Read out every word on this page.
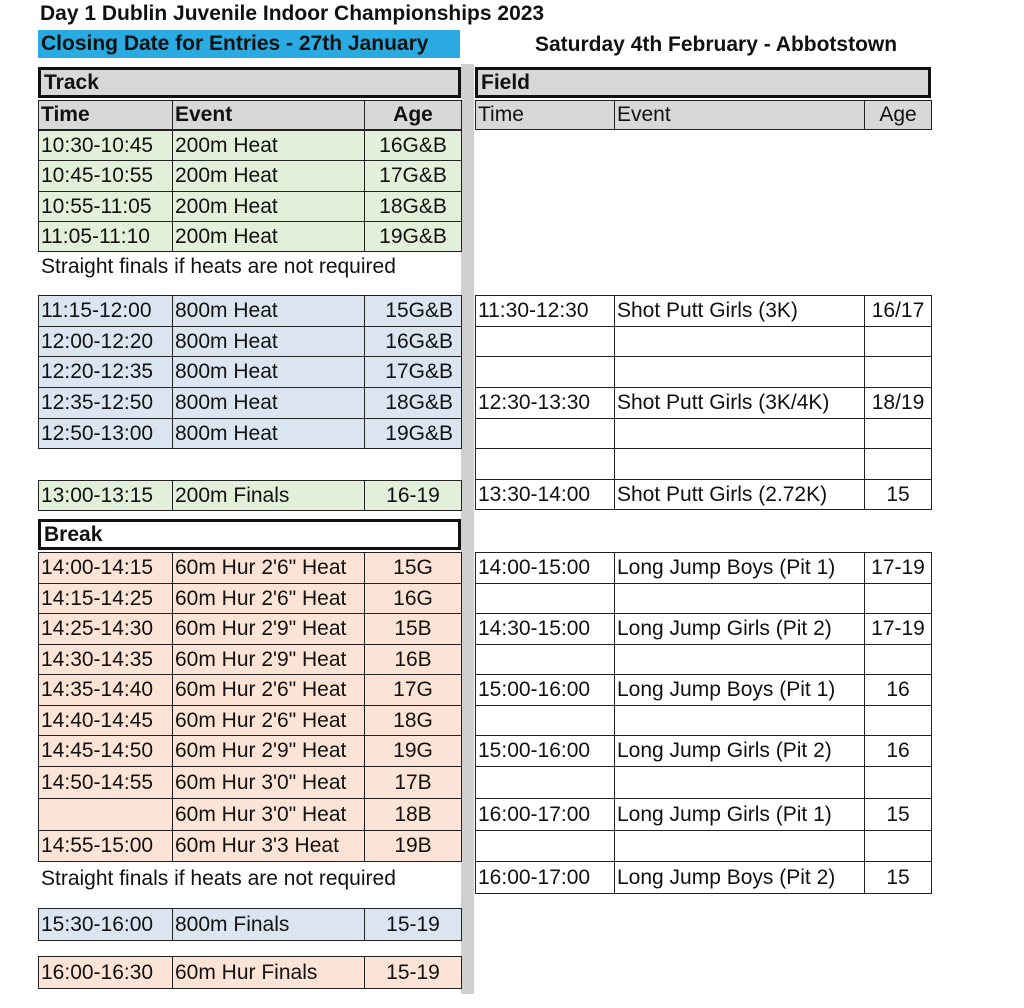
Day 1 Dublin Juvenile Indoor Championships 2023
Closing Date for Entries - 27th January	Saturday 4th February - Abbotstown
Track
Time	Event	Age
10:30-10:45	200m Heat	16G&B
10:45-10:55	200m Heat	17G&B
10:55-11:05	200m Heat	18G&B
11:05-11:10	200m Heat	19G&B
Straight finals if heats are not required
11:15-12:00	800m Heat	15G&B
12:00-12:20	800m Heat	16G&B
12:20-12:35	800m Heat	17G&B
12:35-12:50	800m Heat	18G&B
12:50-13:00	800m Heat	19G&B
13:00-13:15	200m Finals	16-19
Break
14:00-14:15	60m Hur 2'6" Heat	15G
14:15-14:25	60m Hur 2'6" Heat	16G
14:25-14:30	60m Hur 2'9" Heat	15B
14:30-14:35	60m Hur 2'9" Heat	16B
14:35-14:40	60m Hur 2'6" Heat	17G
14:40-14:45	60m Hur 2'6" Heat	18G
14:45-14:50	60m Hur 2'9" Heat	19G
14:50-14:55	60m Hur 3'0" Heat	17B
	60m Hur 3'0" Heat	18B
14:55-15:00	60m Hur 3'3 Heat	19B
Straight finals if heats are not required
15:30-16:00	800m Finals	15-19
16:00-16:30	60m Hur Finals	15-19
Field
Time	Event	Age
11:30-12:30	Shot Putt Girls (3K)	16/17

12:30-13:30	Shot Putt Girls (3K/4K)	18/19

13:30-14:00	Shot Putt Girls (2.72K)	15
14:00-15:00	Long Jump Boys (Pit 1)	17-19

14:30-15:00	Long Jump Girls (Pit 2)	17-19

15:00-16:00	Long Jump Boys (Pit 1)	16

15:00-16:00	Long Jump Girls (Pit 2)	16

16:00-17:00	Long Jump Girls (Pit 1)	15

16:00-17:00	Long Jump Boys (Pit 2)	15
